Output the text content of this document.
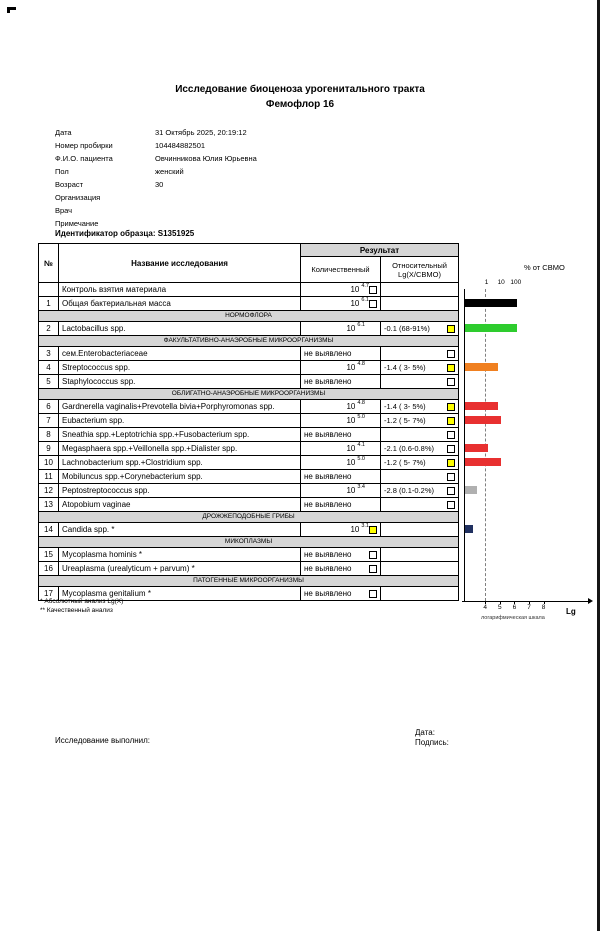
Исследование биоценоза урогенитального тракта
Фемофлор 16
Дата	31 Октябрь 2025, 20:19:12
Номер пробирки	104484882501
Ф.И.О. пациента	Овчинникова Юлия Юрьевна
Пол	женский
Возраст	30
Организация
Врач
Примечание
Идентификатор образца: S1351925
№	Название исследования	Результат	
		Количественный	Относительный
Lg(X/СВМО)
	Контроль взятия материала	10 $^{4.7}$

1	Общая бактериальная масса	10 $^{6.1}$

НОРМОФЛОРА			
2	Lactobacillus spp.	10 $^{6.1}$	-0.1 (68-91%)

ФАКУЛЬТАТИВНО-АНАЭРОБНЫЕ МИКРООРГАНИЗМЫ			
3	сем.Enterobacteriaceae	не выявлено	

4	Streptococcus spp.	10 $^{4.8}$	-1.4 ( 3- 5%)

5	Staphylococcus spp.	не выявлено	

ОБЛИГАТНО-АНАЭРОБНЫЕ МИКРООРГАНИЗМЫ			
6	Gardnerella vaginalis+Prevotella bivia+Porphyromonas spp.	10 $^{4.8}$	-1.4 ( 3- 5%)

7	Eubacterium spp.	10 $^{5.0}$	-1.2 ( 5- 7%)

8	Sneathia spp.+Leptotrichia spp.+Fusobacterium spp.	не выявлено	

9	Megasphaera spp.+Veillonella spp.+Dialister spp.	10 $^{4.1}$	-2.1 (0.6-0.8%)

10	Lachnobacterium spp.+Clostridium spp.	10 $^{5.0}$	-1.2 ( 5- 7%)

11	Mobiluncus spp.+Corynebacterium spp.	не выявлено	

12	Peptostreptococcus spp.	10 $^{3.4}$	-2.8 (0.1-0.2%)

13	Atopobium vaginae	не выявлено	

ДРОЖЖЕПОДОБНЫЕ ГРИБЫ			
14	Candida spp. *	10 $^{3.1}$

МИКОПЛАЗМЫ			
15	Mycoplasma hominis *	не выявлено	

16	Ureaplasma (urealyticum + parvum) *	не выявлено	

ПАТОГЕННЫЕ МИКРООРГАНИЗМЫ			
17	Mycoplasma genitalium *	не выявлено	

% от СВМО
Lg
логарифмическая шкала
1	10 100
4	5	6	7	8
* Абсолютный анализ Lg(X)
** Качественный анализ
Исследование выполнил:
Дата:
Подпись:
